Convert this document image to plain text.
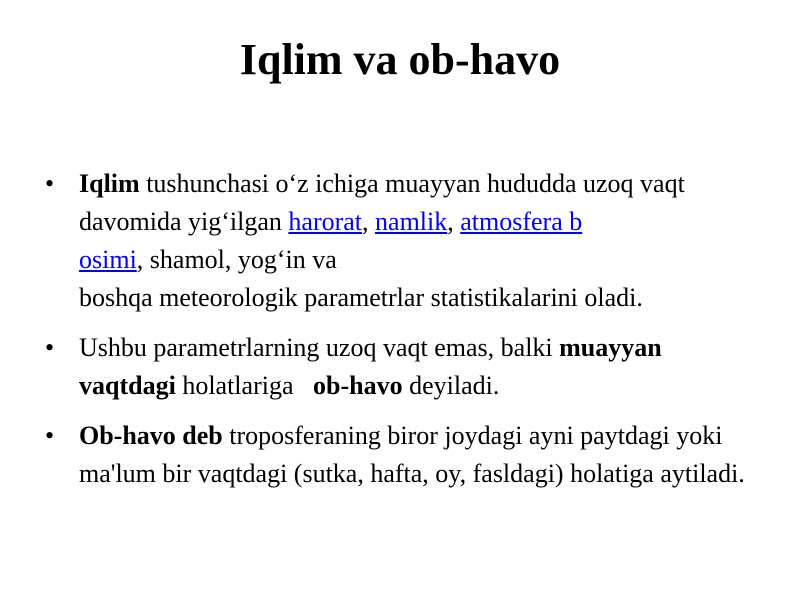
Iqlim va ob-havo
• Iqlim tushunchasi o‘z ichiga muayyan hududda uzoq vaqt davomida yig‘ilgan harorat, namlik, atmosfera b
osimi, shamol, yog‘in va
boshqa meteorologik parametrlar statistikalarini oladi.
• Ushbu parametrlarning uzoq vaqt emas, balki muayyan vaqtdagi holatlariga   ob-havo deyiladi.
• Ob-havo deb troposferaning biror joydagi ayni paytdagi yoki ma'lum bir vaqtdagi (sutka, hafta, oy, fasldagi) holatiga aytiladi.
